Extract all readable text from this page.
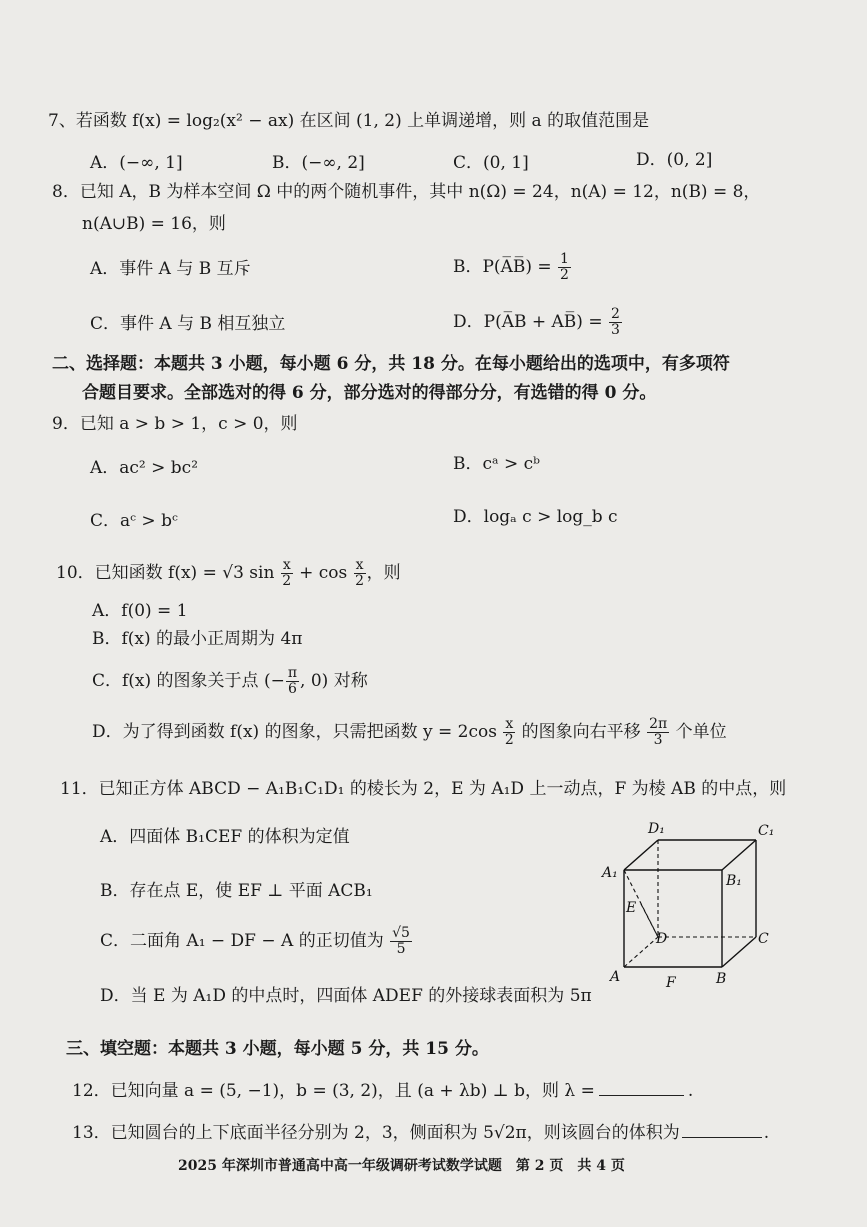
7、若函数 f(x) = log₂(x² − ax) 在区间 (1, 2) 上单调递增，则 a 的取值范围是
A．(−∞, 1]	B．(−∞, 2]	C．(0, 1]	D．(0, 2]
8．已知 A，B 为样本空间 Ω 中的两个随机事件，其中 n(Ω) = 24，n(A) = 12，n(B) = 8，
n(A∪B) = 16，则
A．事件 A 与 B 互斥	B．P(A̅B̅) = $\frac{1}{2}$
C．事件 A 与 B 相互独立	D．P(A̅B + AB̅) = $\frac{2}{3}$
二、选择题：本题共 3 小题，每小题 6 分，共 18 分。在每小题给出的选项中，有多项符
合题目要求。全部选对的得 6 分，部分选对的得部分分，有选错的得 0 分。
9．已知 a > b > 1，c > 0，则
A．ac² > bc²	B．cᵃ > cᵇ
C．aᶜ > bᶜ	D．logₐ c > log_b c
10．已知函数 f(x) = √3 $\sin \frac{x}{2} + \cos \frac{x}{2}$ ，则
A．f(0) = 1
B．f(x) 的最小正周期为 4π
C．f(x) 的图象关于点 (− $\frac{\pi}{6}$ , 0) 对称
D．为了得到函数 f(x) 的图象，只需把函数 $y = 2\cos \frac{x}{2}$ 的图象向右平移 $\frac{2\pi}{3}$ 个单位
11．已知正方体 ABCD − A₁B₁C₁D₁ 的棱长为 2，E 为 A₁D 上一动点，F 为棱 AB 的中点，则
A．四面体 B₁CEF 的体积为定值
B．存在点 E，使 EF ⊥ 平面 ACB₁
C．二面角 A₁ − DF − A 的正切值为 $\frac{√5}{5}$
D．当 E 为 A₁D 的中点时，四面体 ADEF 的外接球表面积为 5π
D₁	C₁
A₁	B₁
E
D	C
A	F	B
三、填空题：本题共 3 小题，每小题 5 分，共 15 分。
12．已知向量 a = (5, −1)，b = (3, 2)，且 (a + λb) ⊥ b，则 λ =	.
13．已知圆台的上下底面半径分别为 2，3，侧面积为 5√2π，则该圆台的体积为	.
2025 年深圳市普通高中高一年级调研考试数学试题　第 2 页　共 4 页
